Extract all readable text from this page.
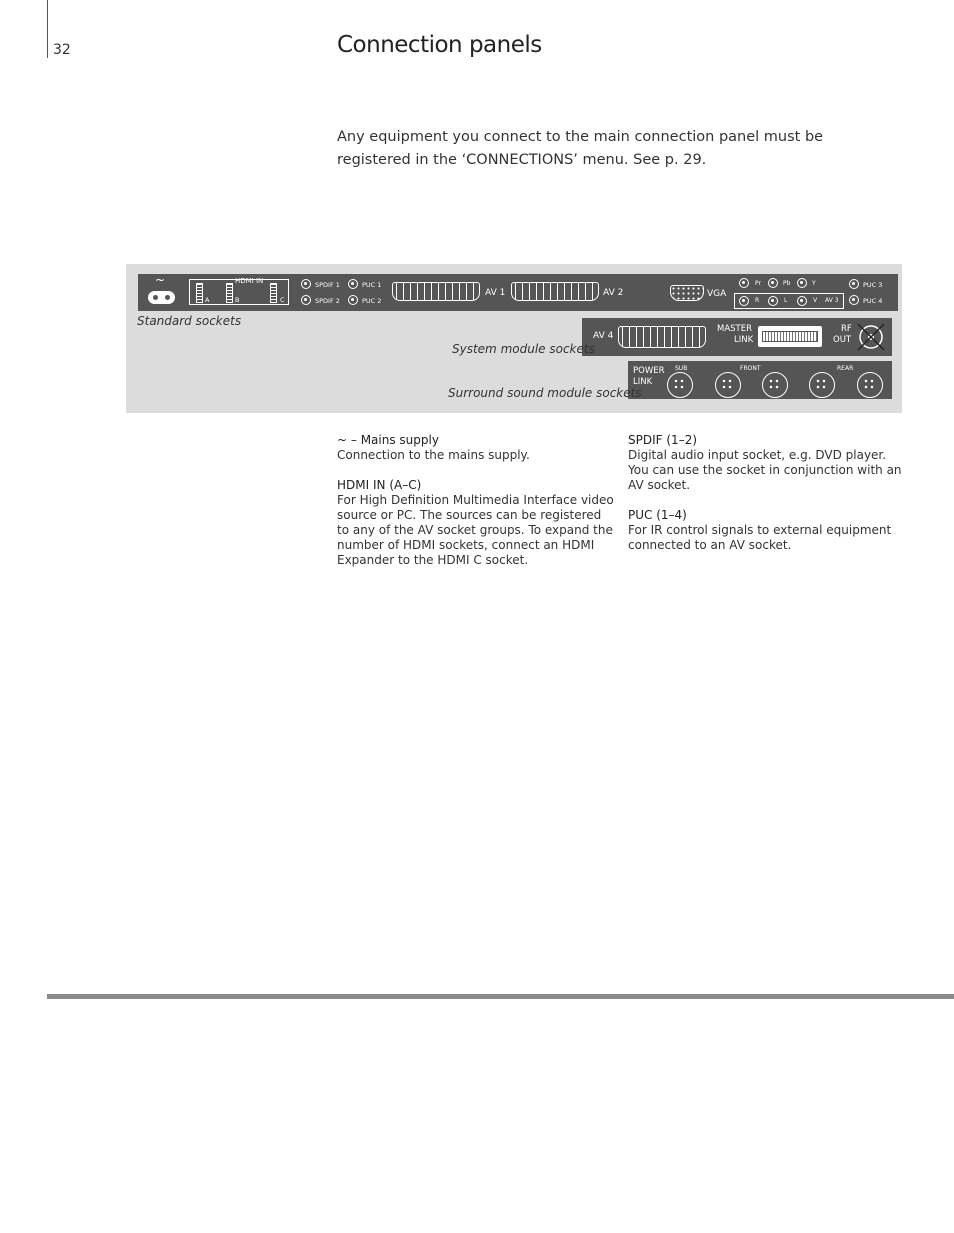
32	Connection panels
Any equipment you connect to the main connection panel must be registered in the ‘CONNECTIONS’ menu. See p. 29.
~	HDMI IN
A	B	C
SPDIF 1
SPDIF 2
PUC 1
PUC 2
AV 1	AV 2	VGA
Pr	Pb	Y
R	L	V AV 3
PUC 3
PUC 4
Standard sockets
AV 4
MASTER
LINK
RF
OUT
System module sockets
POWER
LINK
SUB	FRONT	REAR
Surround sound module sockets

~ – Mains supply

Connection to the mains supply.

HDMI IN (A–C)

For High Definition Multimedia Interface video source or PC. The sources can be registered to any of the AV socket groups. To expand the number of HDMI sockets, connect an HDMI Expander to the HDMI C socket.

SPDIF (1–2)

Digital audio input socket, e.g. DVD player. You can use the socket in conjunction with an AV socket.

PUC (1–4)

For IR control signals to external equipment connected to an AV socket.
